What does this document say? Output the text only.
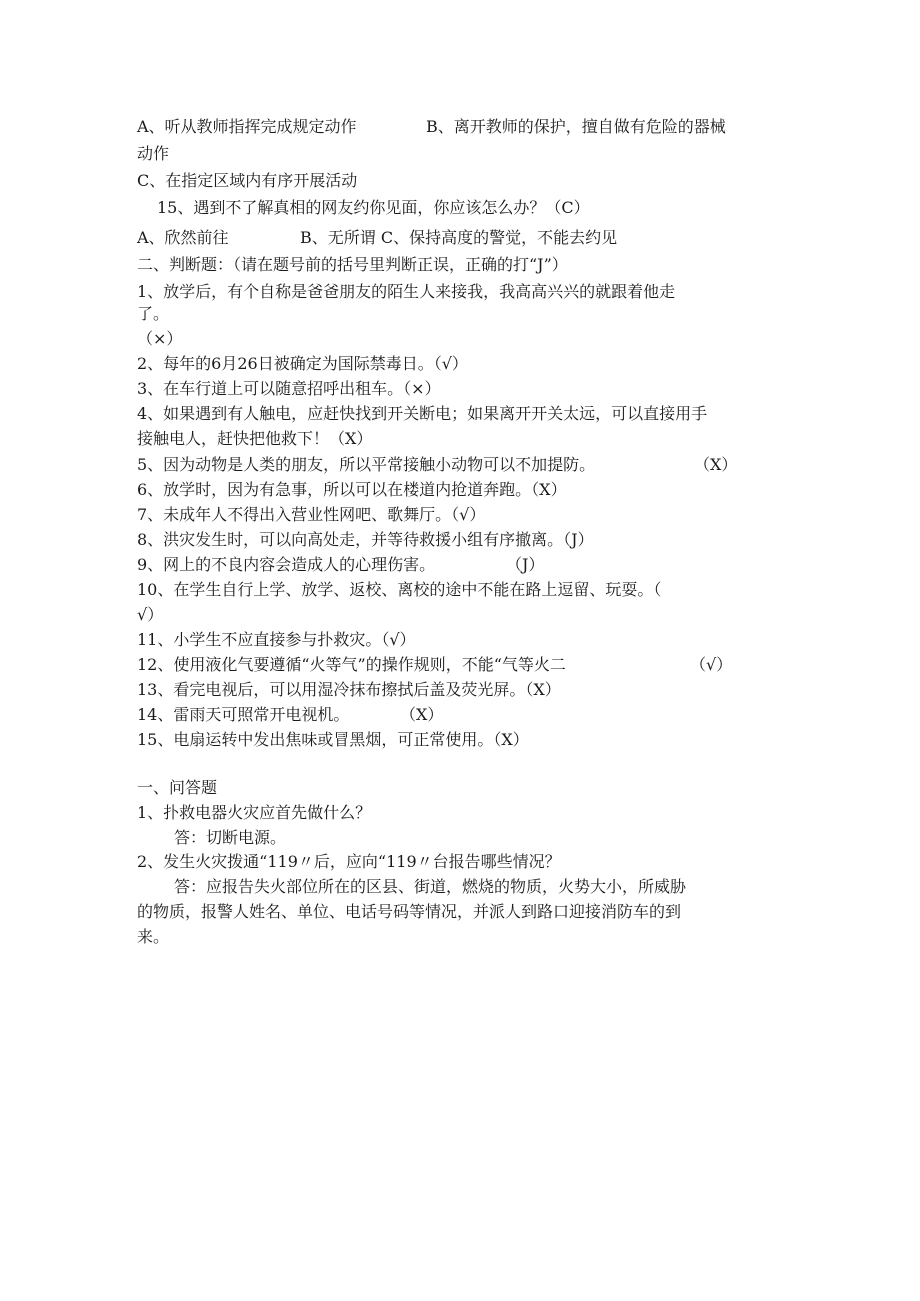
A、听从教师指挥完成规定动作	B、离开教师的保护，擅自做有危险的器械
动作
C、在指定区域内有序开展活动
15、遇到不了解真相的网友约你见面，你应该怎么办？（C）
A、欣然前往	B、无所谓 C、保持高度的警觉，不能去约见
二、判断题：（请在题号前的括号里判断正误，正确的打“J”）
1、放学后，有个自称是爸爸朋友的陌生人来接我，我高高兴兴的就跟着他走
了。
（×）
2、每年的6月26日被确定为国际禁毒日。（√）
3、在车行道上可以随意招呼出租车。（×）
4、如果遇到有人触电，应赶快找到开关断电；如果离开开关太远，可以直接用手
接触电人，赶快把他救下！（X）
5、因为动物是人类的朋友，所以平常接触小动物可以不加提防。	（X）
6、放学时，因为有急事，所以可以在楼道内抢道奔跑。（X）
7、未成年人不得出入营业性网吧、歌舞厅。（√）
8、洪灾发生时，可以向高处走，并等待救援小组有序撤离。（J）
9、网上的不良内容会造成人的心理伤害。	（J）
10、在学生自行上学、放学、返校、离校的途中不能在路上逗留、玩耍。（
√）
11、小学生不应直接参与扑救灾。（√）
12、使用液化气要遵循“火等气”的操作规则，不能“气等火二	（√）
13、看完电视后，可以用湿冷抹布擦拭后盖及荧光屏。（X）
14、雷雨天可照常开电视机。	（X）
15、电扇运转中发出焦味或冒黑烟，可正常使用。（X）
一、问答题
1、扑救电器火灾应首先做什么？
答：切断电源。
2、发生火灾拨通“119〃后，应向“119〃台报告哪些情况？
答：应报告失火部位所在的区县、街道，燃烧的物质，火势大小，所威胁
的物质，报警人姓名、单位、电话号码等情况，并派人到路口迎接消防车的到
来。
